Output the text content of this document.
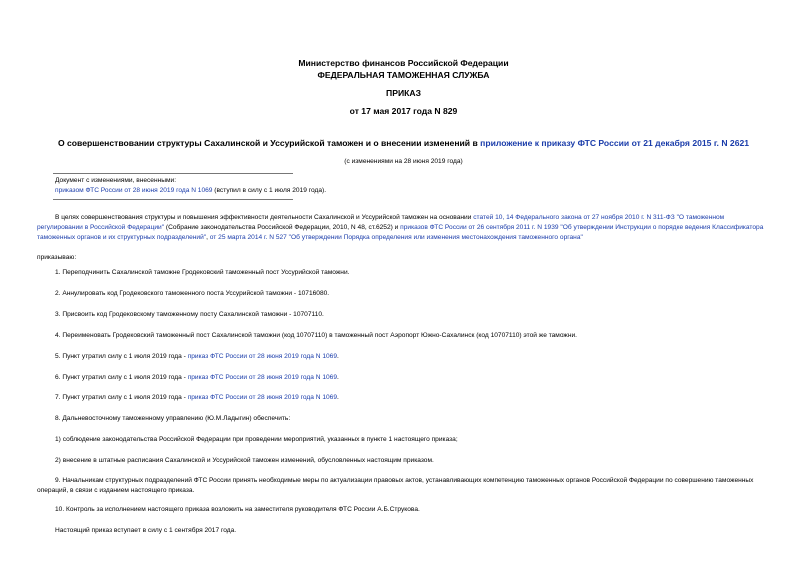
Министерство финансов Российской Федерации
ФЕДЕРАЛЬНАЯ ТАМОЖЕННАЯ СЛУЖБА
ПРИКАЗ
от 17 мая 2017 года N 829
О совершенствовании структуры Сахалинской и Уссурийской таможен и о внесении изменений в приложение к приказу ФТС России от 21 декабря 2015 г. N 2621
(с изменениями на 28 июня 2019 года)
Документ с изменениями, внесенными:
приказом ФТС России от 28 июня 2019 года N 1069 (вступил в силу с 1 июля 2019 года).
В целях совершенствования структуры и повышения эффективности деятельности Сахалинской и Уссурийской таможен на основании статей 10, 14 Федерального закона от 27 ноября 2010 г. N 311-ФЗ "О таможенном регулировании в Российской Федерации" (Собрание законодательства Российской Федерации, 2010, N 48, ст.6252) и приказов ФТС России от 26 сентября 2011 г. N 1939 "Об утверждении Инструкции о порядке ведения Классификатора таможенных органов и их структурных подразделений", от 25 марта 2014 г. N 527 "Об утверждении Порядка определения или изменения местонахождения таможенного органа"
приказываю:
1. Переподчинить Сахалинской таможне Гродековский таможенный пост Уссурийской таможни.
2. Аннулировать код Гродековского таможенного поста Уссурийской таможни - 10716080.
3. Присвоить код Гродековскому таможенному посту Сахалинской таможни - 10707110.
4. Переименовать Гродековский таможенный пост Сахалинской таможни (код 10707110) в таможенный пост Аэропорт Южно-Сахалинск (код 10707110) этой же таможни.
5. Пункт утратил силу с 1 июля 2019 года - приказ ФТС России от 28 июня 2019 года N 1069.
6. Пункт утратил силу с 1 июля 2019 года - приказ ФТС России от 28 июня 2019 года N 1069.
7. Пункт утратил силу с 1 июля 2019 года - приказ ФТС России от 28 июня 2019 года N 1069.
8. Дальневосточному таможенному управлению (Ю.М.Ладыгин) обеспечить:
1) соблюдение законодательства Российской Федерации при проведении мероприятий, указанных в пункте 1 настоящего приказа;
2) внесение в штатные расписания Сахалинской и Уссурийской таможен изменений, обусловленных настоящим приказом.
9. Начальникам структурных подразделений ФТС России принять необходимые меры по актуализации правовых актов, устанавливающих компетенцию таможенных органов Российской Федерации по совершению таможенных операций, в связи с изданием настоящего приказа.
10. Контроль за исполнением настоящего приказа возложить на заместителя руководителя ФТС России А.Б.Струкова.
Настоящий приказ вступает в силу с 1 сентября 2017 года.
